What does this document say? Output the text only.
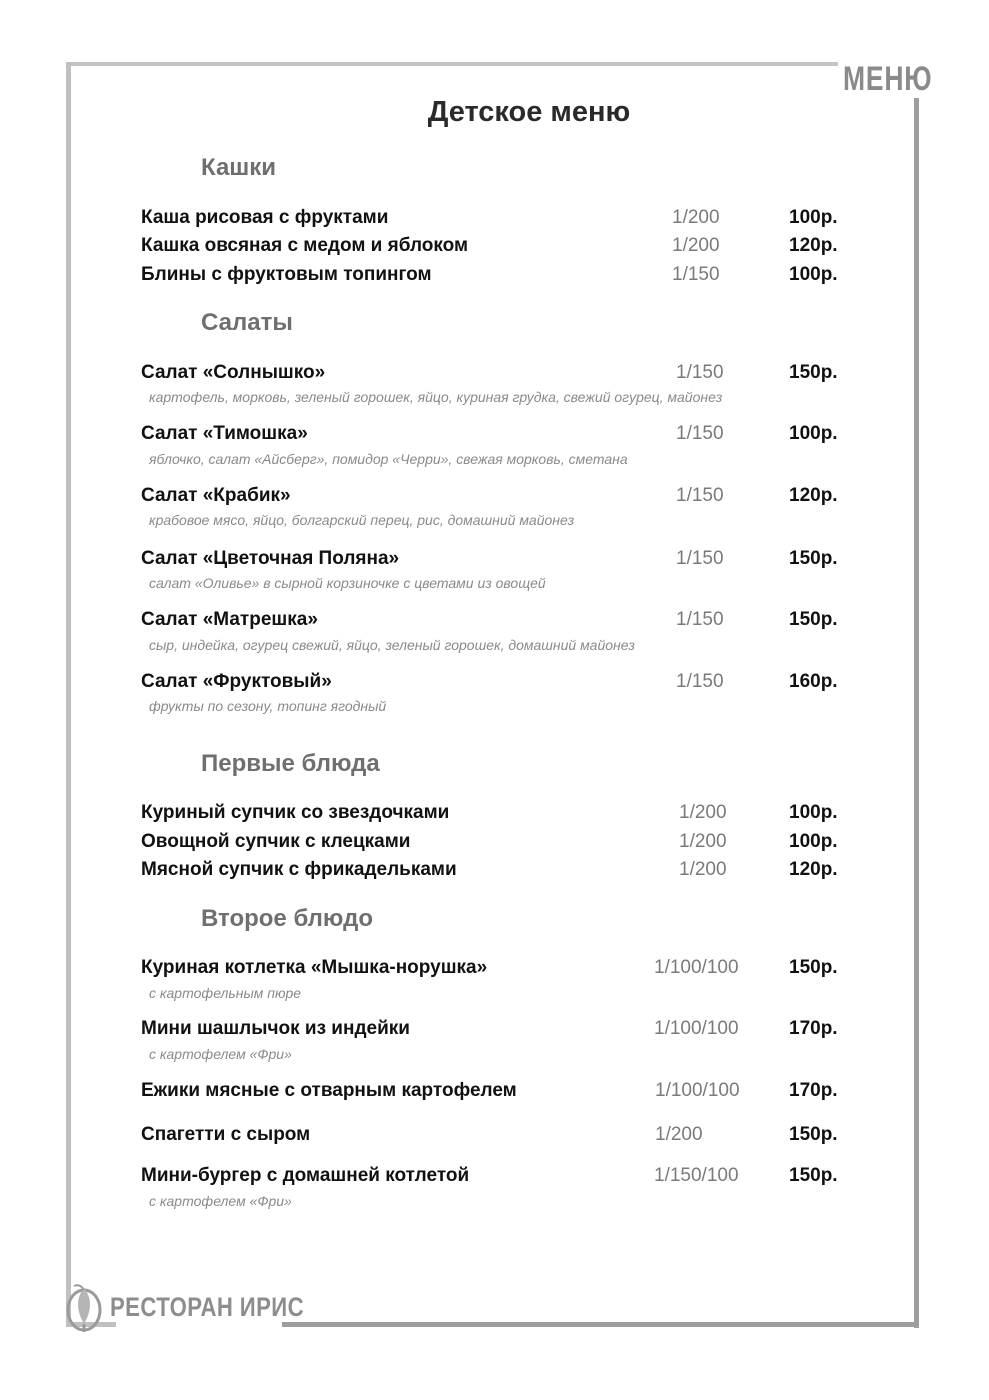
МЕНЮ
Детское меню
Кашки
Каша рисовая с фруктами	1/200	100р.
Кашка овсяная с медом и яблоком	1/200	120р.
Блины с фруктовым топингом	1/150	100р.
Салаты
Салат «Солнышко»	1/150	150р.
картофель, морковь, зеленый горошек, яйцо, куриная грудка, свежий огурец, майонез
Салат «Тимошка»	1/150	100р.
яблочко, салат «Айсберг», помидор «Черри», свежая морковь, сметана
Салат «Крабик»	1/150	120р.
крабовое мясо, яйцо, болгарский перец, рис, домашний майонез
Салат «Цветочная Поляна»	1/150	150р.
салат «Оливье» в сырной корзиночке с цветами из овощей
Салат «Матрешка»	1/150	150р.
сыр, индейка, огурец свежий, яйцо, зеленый горошек, домашний майонез
Салат «Фруктовый»	1/150	160р.
фрукты по сезону, топинг ягодный
Первые блюда
Куриный супчик со звездочками	1/200	100р.
Овощной супчик с клецками	1/200	100р.
Мясной супчик с фрикадельками	1/200	120р.
Второе блюдо
Куриная котлетка «Мышка-норушка»	1/100/100	150р.
с картофельным пюре
Мини шашлычок из индейки	1/100/100	170р.
с картофелем «Фри»
Ежики мясные с отварным картофелем	1/100/100	170р.
Спагетти с сыром	1/200	150р.
Мини-бургер с домашней котлетой	1/150/100	150р.
с картофелем «Фри»
РЕСТОРАН ИРИС
